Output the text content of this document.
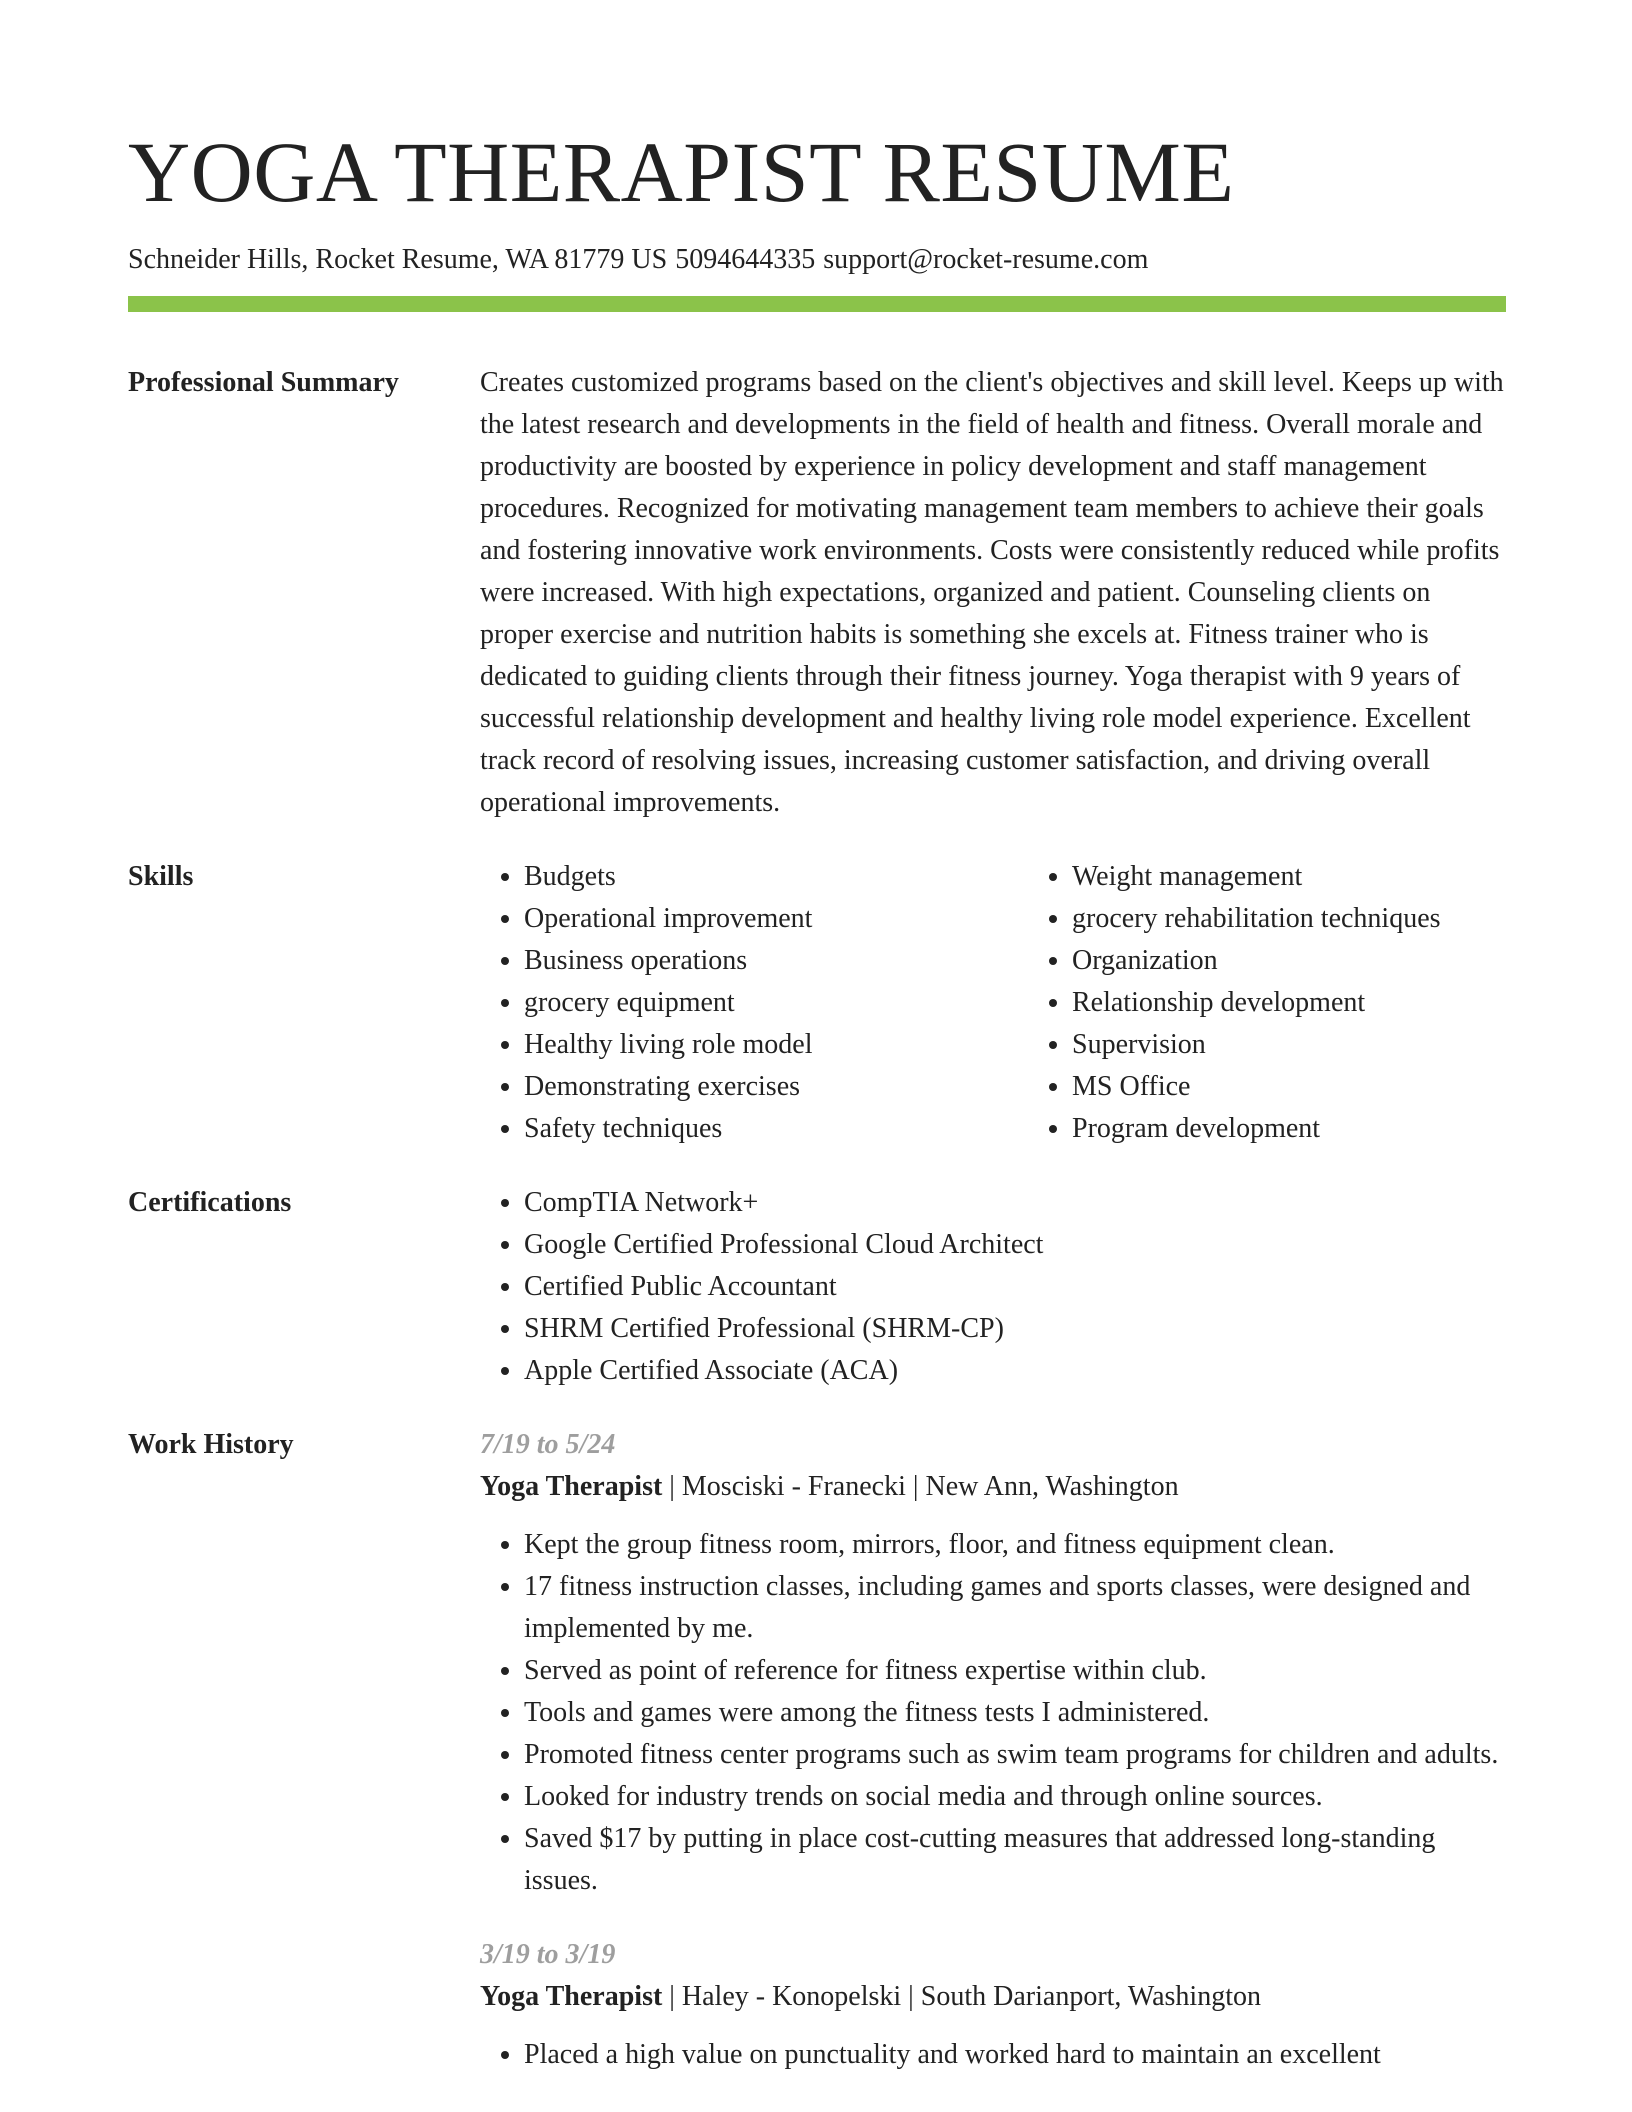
YOGA THERAPIST RESUME
Schneider Hills, Rocket Resume, WA 81779 US 5094644335 support@rocket-resume.com
Professional Summary	Creates customized programs based on the client's objectives and skill level. Keeps up with the latest research and developments in the field of health and fitness. Overall morale and productivity are boosted by experience in policy development and staff management procedures. Recognized for motivating management team members to achieve their goals and fostering innovative work environments. Costs were consistently reduced while profits were increased. With high expectations, organized and patient. Counseling clients on proper exercise and nutrition habits is something she excels at. Fitness trainer who is dedicated to guiding clients through their fitness journey. Yoga therapist with 9 years of successful relationship development and healthy living role model experience. Excellent track record of resolving issues, increasing customer satisfaction, and driving overall operational improvements.
Skills	• Budgets
• Operational improvement
• Business operations
• grocery equipment
• Healthy living role model
• Demonstrating exercises
• Safety techniques
• Weight management
• grocery rehabilitation techniques
• Organization
• Relationship development
• Supervision
• MS Office
• Program development
Certifications	• CompTIA Network+
• Google Certified Professional Cloud Architect
• Certified Public Accountant
• SHRM Certified Professional (SHRM-CP)
• Apple Certified Associate (ACA)
Work History	7/19 to 5/24
Yoga Therapist | Mosciski - Franecki | New Ann, Washington
• Kept the group fitness room, mirrors, floor, and fitness equipment clean.
• 17 fitness instruction classes, including games and sports classes, were designed and implemented by me.
• Served as point of reference for fitness expertise within club.
• Tools and games were among the fitness tests I administered.
• Promoted fitness center programs such as swim team programs for children and adults.
• Looked for industry trends on social media and through online sources.
• Saved $17 by putting in place cost-cutting measures that addressed long-standing issues.
3/19 to 3/19
Yoga Therapist | Haley - Konopelski | South Darianport, Washington
• Placed a high value on punctuality and worked hard to maintain an excellent
